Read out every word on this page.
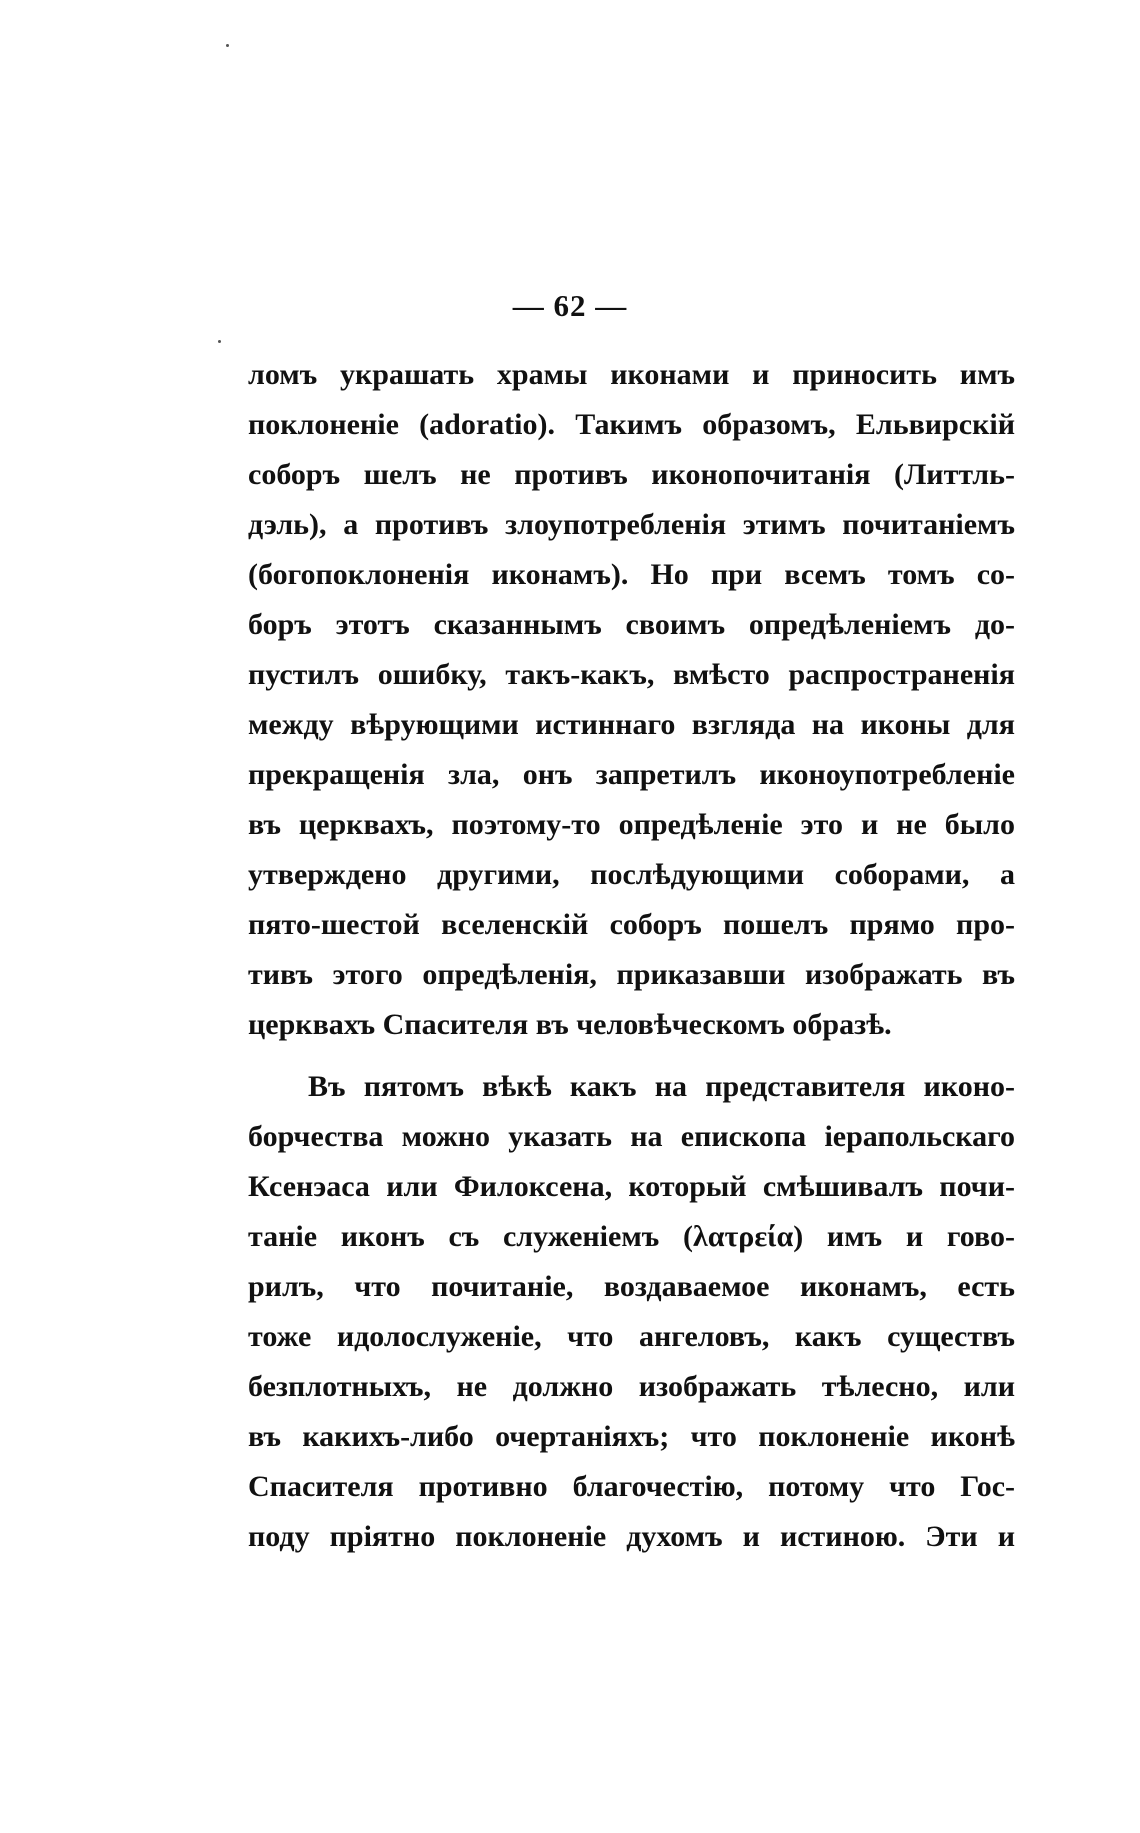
— 62 —
ломъ украшать храмы иконами и приносить имъ
поклоненіе (adoratio). Такимъ образомъ, Ельвирскій
соборъ шелъ не противъ иконопочитанія (Литтль-
дэль), а противъ злоупотребленія этимъ почитаніемъ
(богопоклоненія иконамъ). Но при всемъ томъ со-
боръ этотъ сказаннымъ своимъ опредѣленіемъ до-
пустилъ ошибку, такъ-какъ, вмѣсто распространенія
между вѣрующими истиннаго взгляда на иконы для
прекращенія зла, онъ запретилъ иконоупотребленіе
въ церквахъ, поэтому-то опредѣленіе это и не было
утверждено другими, послѣдующими соборами, а
пято-шестой вселенскій соборъ пошелъ прямо про-
тивъ этого опредѣленія, приказавши изображать въ
церквахъ Спасителя въ человѣческомъ образѣ.
Въ пятомъ вѣкѣ какъ на представителя иконо-
борчества можно указать на епископа іерапольскаго
Ксенэаса или Филоксена, который смѣшивалъ почи-
таніе иконъ съ служеніемъ (λατρεία) имъ и гово-
рилъ, что почитаніе, воздаваемое иконамъ, есть
тоже идолослуженіе, что ангеловъ, какъ существъ
безплотныхъ, не должно изображать тѣлесно, или
въ какихъ-либо очертаніяхъ; что поклоненіе иконѣ
Спасителя противно благочестію, потому что Гос-
поду пріятно поклоненіе духомъ и истиною. Эти и
